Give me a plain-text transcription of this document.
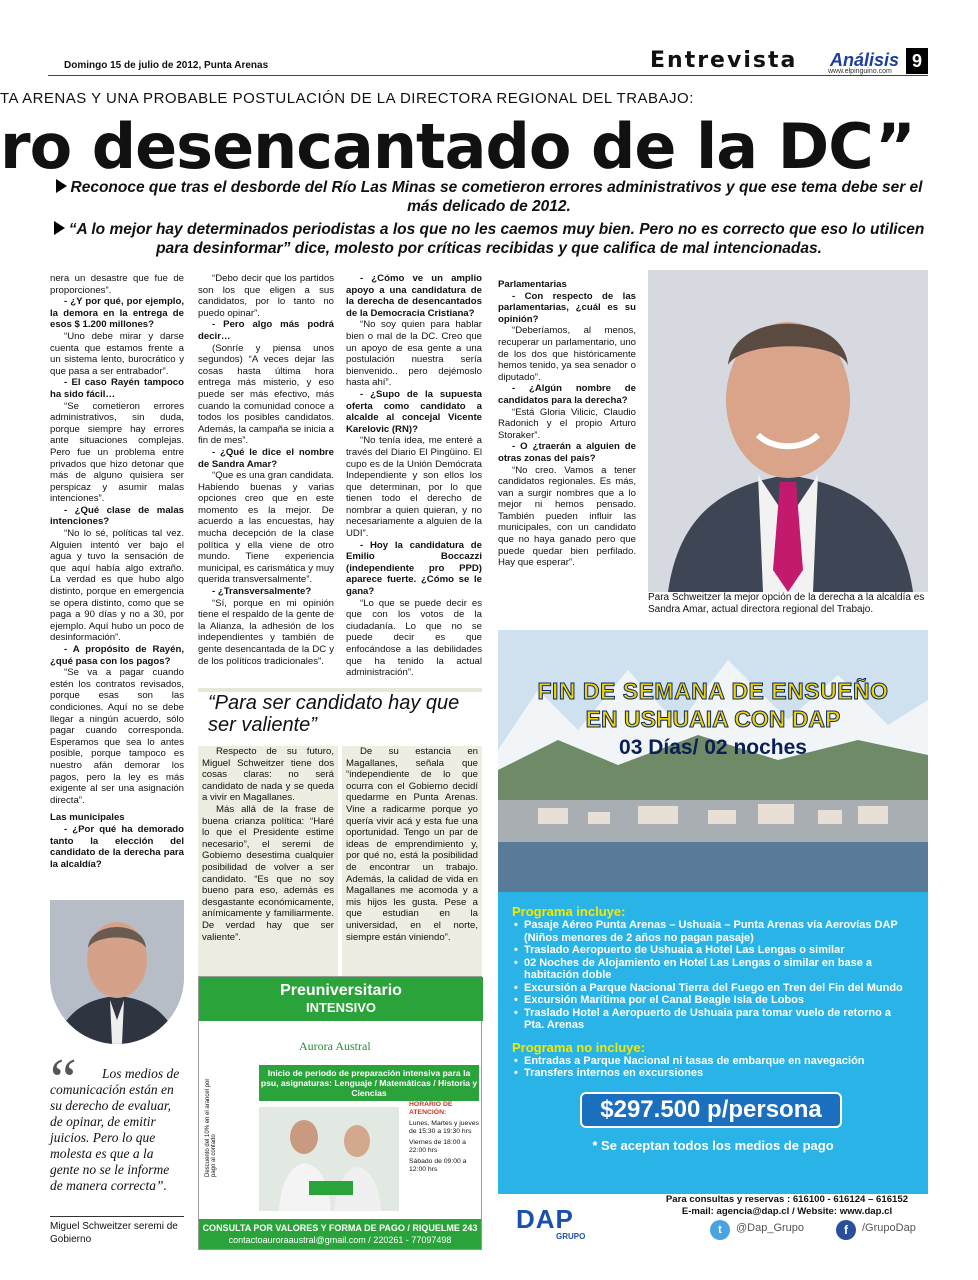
Domingo 15 de julio de 2012, Punta Arenas	Entrevista Análisis
www.elpinguino.com
9
TA ARENAS Y UNA PROBABLE POSTULACIÓN DE LA DIRECTORA REGIONAL DEL TRABAJO:
ro desencantado de la DC”
Reconoce que tras el desborde del Río Las Minas se cometieron errores administrativos y que ese tema debe ser el más delicado de 2012.
“A lo mejor hay determinados periodistas a los que no les caemos muy bien. Pero no es correcto que eso lo utilicen para desinformar” dice, molesto por críticas recibidas y que califica de mal intencionadas.

nera un desastre que fue de proporciones”.

- ¿Y por qué, por ejemplo, la demora en la entrega de esos $ 1.200 millones?

“Uno debe mirar y darse cuenta que estamos frente a un sistema lento, burocrático y que pasa a ser entrabador”.

- El caso Rayén tampoco ha sido fácil…

“Se cometieron errores administrativos, sin duda, porque siempre hay errores ante situaciones complejas. Pero fue un problema entre privados que hizo detonar que más de alguno quisiera ser perspicaz y asumir malas intenciones”.

- ¿Qué clase de malas intenciones?

“No lo sé, políticas tal vez. Alguien intentó ver bajo el agua y tuvo la sensación de que aquí había algo extraño. La verdad es que hubo algo distinto, porque en emergencia se opera distinto, como que se paga a 90 días y no a 30, por ejemplo. Aquí hubo un poco de desinformación”.

- A propósito de Rayén, ¿qué pasa con los pagos?

“Se va a pagar cuando estén los contratos revisados, porque esas son las condiciones. Aquí no se debe llegar a ningún acuerdo, sólo pagar cuando corresponda. Esperamos que sea lo antes posible, porque tampoco es nuestro afán demorar los pagos, pero la ley es más exigente al ser una asignación directa”.

Las municipales

- ¿Por qué ha demorado tanto la elección del candidato de la derecha para la alcaldía?

“Debo decir que los partidos son los que eligen a sus candidatos, por lo tanto no puedo opinar”.

- Pero algo más podrá decir…

(Sonríe y piensa unos segundos) “A veces dejar las cosas hasta última hora entrega más misterio, y eso puede ser más efectivo, más cuando la comunidad conoce a todos los posibles candidatos. Además, la campaña se inicia a fin de mes”.

- ¿Qué le dice el nombre de Sandra Amar?

“Que es una gran candidata. Habiendo buenas y varias opciones creo que en este momento es la mejor. De acuerdo a las encuestas, hay mucha decepción de la clase política y ella viene de otro mundo. Tiene experiencia municipal, es carismática y muy querida transversalmente”.

- ¿Transversalmente?

“Sí, porque en mi opinión tiene el respaldo de la gente de la Alianza, la adhesión de los independientes y también de gente desencantada de la DC y de los políticos tradicionales”.

- ¿Cómo ve un amplio apoyo a una candidatura de la derecha de desencantados de la Democracia Cristiana?

“No soy quien para hablar bien o mal de la DC. Creo que un apoyo de esa gente a una postulación nuestra sería bienvenido.. pero dejémoslo hasta ahí”.

- ¿Supo de la supuesta oferta como candidato a alcalde al concejal Vicente Karelovic (RN)?

“No tenía idea, me enteré a través del Diario El Pingüino. El cupo es de la Unión Demócrata Independiente y son ellos los que determinan, por lo que tienen todo el derecho de nombrar a quien quieran, y no necesariamente a alguien de la UDI”.

- Hoy la candidatura de Emilio Boccazzi (independiente pro PPD) aparece fuerte. ¿Cómo se le gana?

“Lo que se puede decir es que con los votos de la ciudadanía. Lo que no se puede decir es que enfocándose a las debilidades que ha tenido la actual administración”.

Parlamentarias

- Con respecto de las parlamentarias, ¿cuál es su opinión?

“Deberíamos, al menos, recuperar un parlamentario, uno de los dos que históricamente hemos tenido, ya sea senador o diputado”.

- ¿Algún nombre de candidatos para la derecha?

“Está Gloria Vilicic, Claudio Radonich y el propio Arturo Storaker”.

- O ¿traerán a alguien de otras zonas del país?

“No creo. Vamos a tener candidatos regionales. Es más, van a surgir nombres que a lo mejor ni hemos pensado. También pueden influir las municipales, con un candidato que no haya ganado pero que puede quedar bien perfilado. Hay que esperar”.

Para Schweitzer la mejor opción de la derecha a la alcaldía es Sandra Amar, actual directora regional del Trabajo.
“	Los medios de comunicación están en su derecho de evaluar, de opinar, de emitir juicios. Pero lo que molesta es que a la gente no se le informe de manera correcta”.
Miguel Schweitzer seremi de Gobierno
“Para ser candidato hay que ser valiente”

Respecto de su futuro, Miguel Schweitzer tiene dos cosas claras: no será candidato de nada y se queda a vivir en Magallanes.

Más allá de la frase de buena crianza política: “Haré lo que el Presidente estime necesario”, el seremi de Gobierno desestima cualquier posibilidad de volver a ser candidato. “Es que no soy bueno para eso, además es desgastante económicamente, anímicamente y familiarmente. De verdad hay que ser valiente”.

De su estancia en Magallanes, señala que “independiente de lo que ocurra con el Gobierno decidí quedarme en Punta Arenas. Vine a radicarme porque yo quería vivir acá y esta fue una oportunidad. Tengo un par de ideas de emprendimiento y, por qué no, está la posibilidad de encontrar un trabajo. Además, la calidad de vida en Magallanes me acomoda y a mis hijos les gusta. Pese a que estudian en la universidad, en el norte, siempre están viniendo”.

Preuniversitario
INTENSIVO
Aurora Austral
Inicio de periodo de preparación intensiva para la psu, asignaturas: Lenguaje / Matemáticas / Historia y Ciencias
Descuento del 10% en el arancel por pago al contado
HORARIO DE ATENCIÓN:
Lunes, Martes y jueves de 15:30 a 19:30 hrs
Viernes de 18:00 a 22:00 hrs
Sábado de 09:00 a 12:00 hrs
CONSULTA POR VALORES Y FORMA DE PAGO / RIQUELME 243
contactoauroraaustral@gmail.com / 220261 - 77097498
FIN DE SEMANA DE ENSUEÑO
EN USHUAIA CON DAP
03 Días/ 02 noches
Programa incluye:
• Pasaje Aéreo Punta Arenas – Ushuaia – Punta Arenas vía Aerovías DAP (Niños menores de 2 años no pagan pasaje)
• Traslado Aeropuerto de Ushuaia a Hotel Las Lengas o similar
• 02 Noches de Alojamiento en Hotel Las Lengas o similar en base a habitación doble
• Excursión a Parque Nacional Tierra del Fuego en Tren del Fin del Mundo
• Excursión Marítima por el Canal Beagle Isla de Lobos
• Traslado Hotel a Aeropuerto de Ushuaia para tomar vuelo de retorno a Pta. Arenas
Programa no incluye:
• Entradas a Parque Nacional ni tasas de embarque en navegación
• Transfers internos en excursiones
$297.500 p/persona
* Se aceptan todos los medios de pago
DAP
GRUPO
Para consultas y reservas : 616100 - 616124 – 616152
E-mail: agencia@dap.cl / Website: www.dap.cl
t	@Dap_Grupo	f	/GrupoDap
